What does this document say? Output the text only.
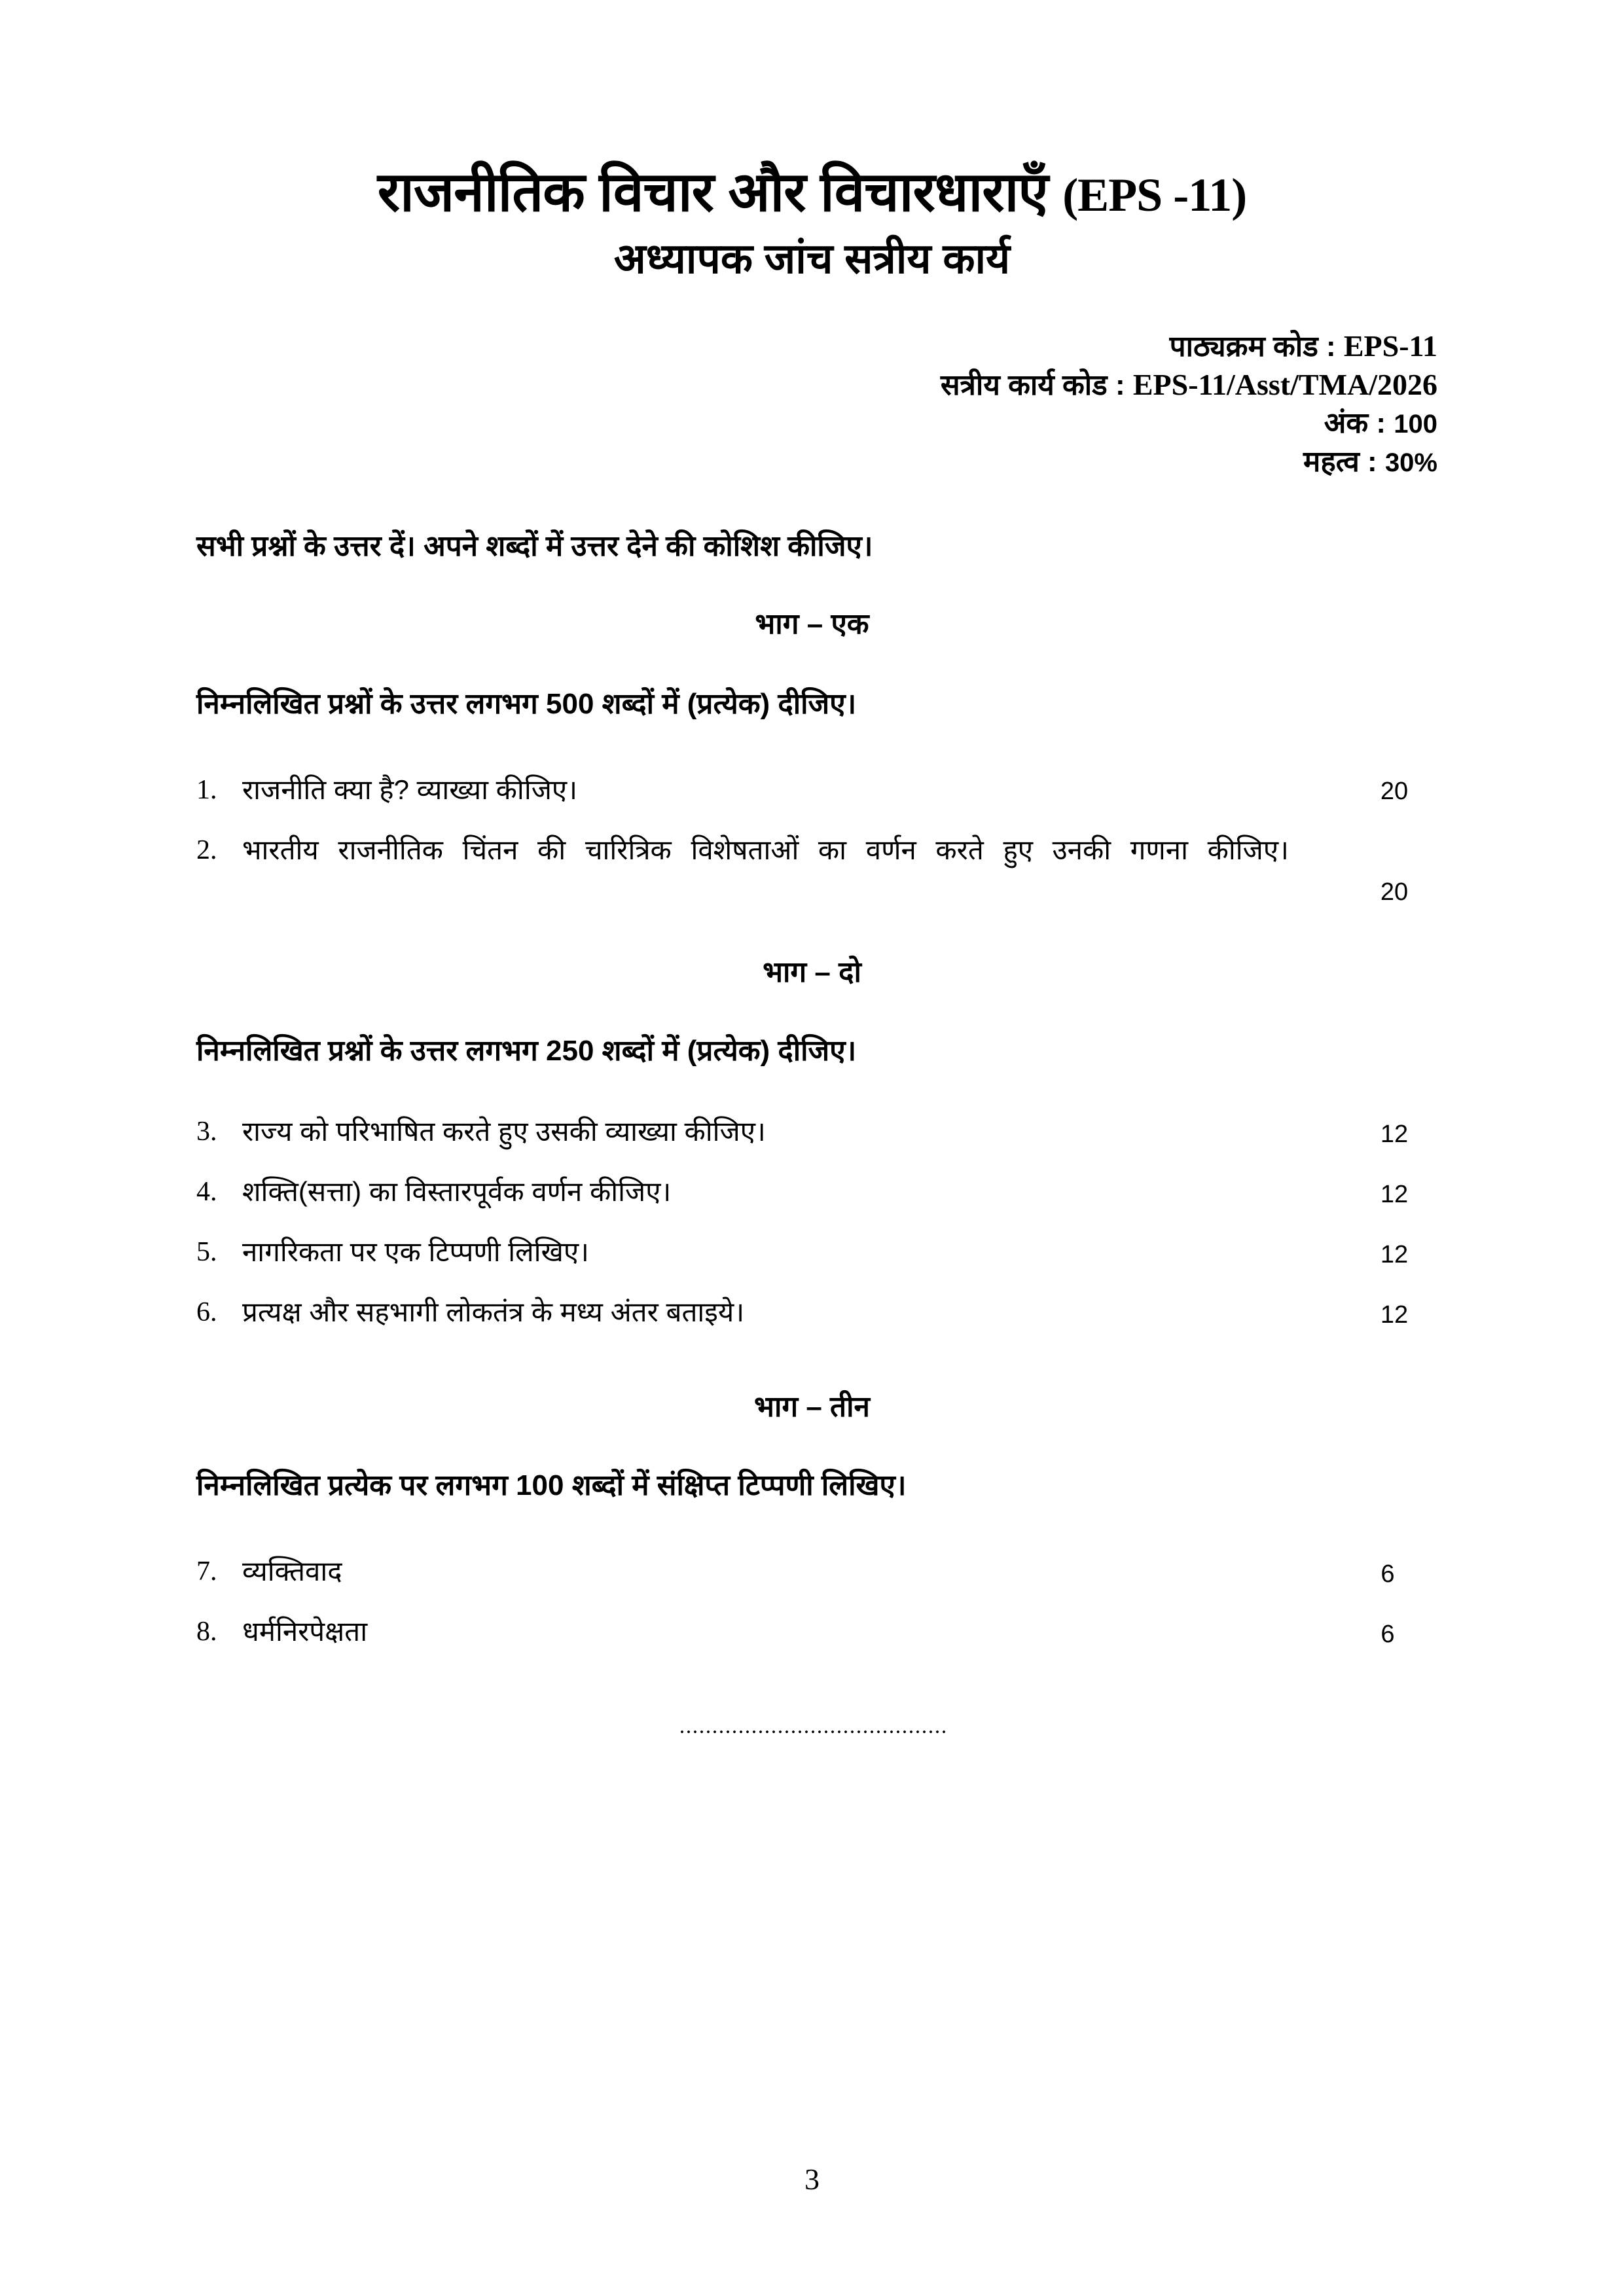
राजनीतिक विचार और विचारधाराएँ (EPS -11)
अध्यापक जांच सत्रीय कार्य
पाठ्यक्रम कोड : EPS-11
सत्रीय कार्य कोड : EPS-11/Asst/TMA/2026
अंक : 100
महत्व : 30%
सभी प्रश्नों के उत्तर दें। अपने शब्दों में उत्तर देने की कोशिश कीजिए।
भाग – एक
निम्नलिखित प्रश्नों के उत्तर लगभग 500 शब्दों में (प्रत्येक) दीजिए।
1. राजनीति क्या है? व्याख्या कीजिए।	20
2. भारतीय राजनीतिक चिंतन की चारित्रिक विशेषताओं का वर्णन करते हुए उनकी गणना कीजिए।
20
भाग – दो
निम्नलिखित प्रश्नों के उत्तर लगभग 250 शब्दों में (प्रत्येक) दीजिए।
3. राज्य को परिभाषित करते हुए उसकी व्याख्या कीजिए।	12
4. शक्ति(सत्ता) का विस्तारपूर्वक वर्णन कीजिए।	12
5. नागरिकता पर एक टिप्पणी लिखिए।	12
6. प्रत्यक्ष और सहभागी लोकतंत्र के मध्य अंतर बताइये।	12
भाग – तीन
निम्नलिखित प्रत्येक पर लगभग 100 शब्दों में संक्षिप्त टिप्पणी लिखिए।
7. व्यक्तिवाद	6
8. धर्मनिरपेक्षता	6
3
